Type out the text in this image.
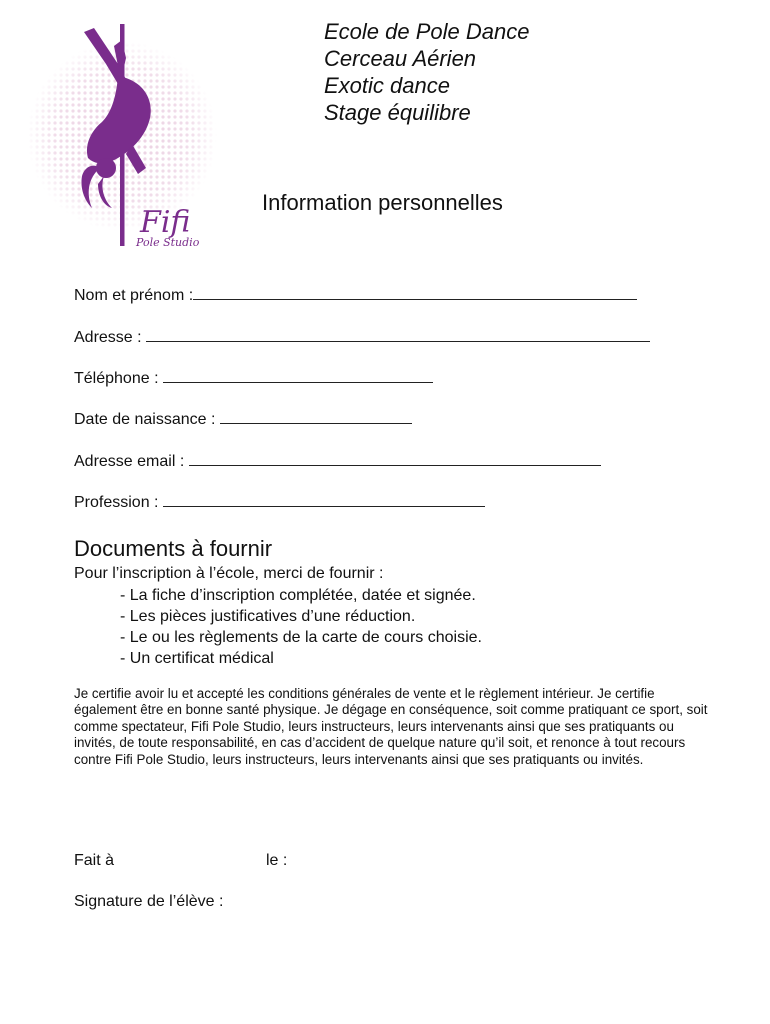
Fifi
Pole Studio
Ecole de Pole Dance
Cerceau Aérien
Exotic dance
Stage équilibre
Information personnelles
Nom et prénom :
Adresse :
Téléphone :
Date de naissance :
Adresse email :
Profession :
Documents à fournir
Pour l’inscription à l’école, merci de fournir :
- La fiche d’inscription complétée, datée et signée.
- Les pièces justificatives d’une réduction.
- Le ou les règlements de la carte de cours choisie.
- Un certificat médical
Je certifie avoir lu et accepté les conditions générales de vente et le règlement intérieur. Je certifie également être en bonne santé physique. Je dégage en conséquence, soit comme pratiquant ce sport, soit comme spectateur, Fifi Pole Studio, leurs instructeurs, leurs intervenants ainsi que ses pratiquants ou invités, de toute responsabilité, en cas d’accident de quelque nature qu’il soit, et renonce à tout recours contre Fifi Pole Studio, leurs instructeurs, leurs intervenants ainsi que ses pratiquants ou invités.
Fait à	le :
Signature de l’élève :
